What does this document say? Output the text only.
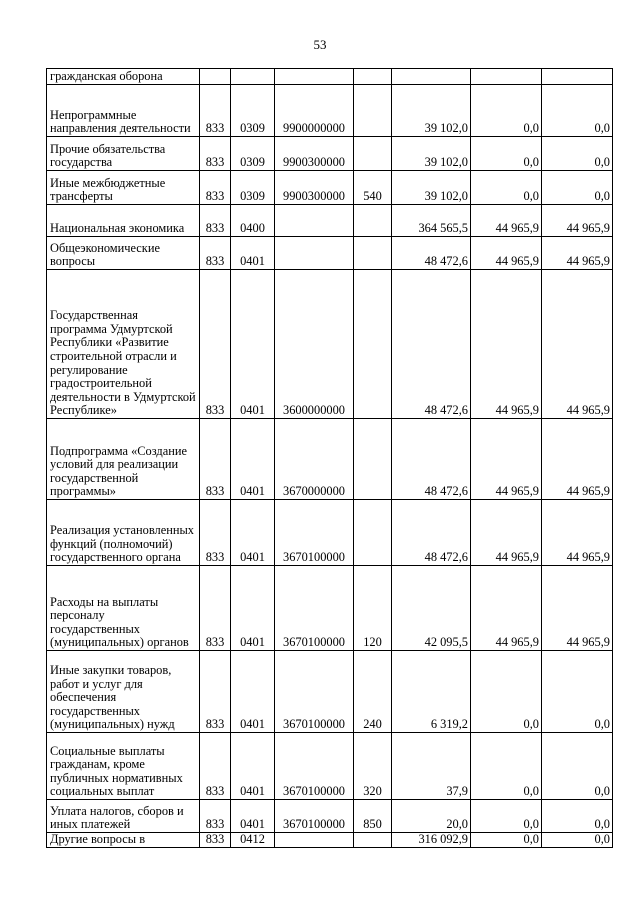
53
гражданская оборона							
Непрограммные направления деятельности	833	0309	9900000000		39 102,0	0,0	0,0
Прочие обязательства государства	833	0309	9900300000		39 102,0	0,0	0,0
Иные межбюджетные трансферты	833	0309	9900300000	540	39 102,0	0,0	0,0
Национальная экономика	833	0400			364 565,5	44 965,9	44 965,9
Общеэкономические вопросы	833	0401			48 472,6	44 965,9	44 965,9
Государственная программа Удмуртской Республики «Развитие строительной отрасли и регулирование градостроительной деятельности в Удмуртской Республике»	833	0401	3600000000		48 472,6	44 965,9	44 965,9
Подпрограмма «Создание условий для реализации государственной программы»	833	0401	3670000000		48 472,6	44 965,9	44 965,9
Реализация установленных функций (полномочий) государственного органа	833	0401	3670100000		48 472,6	44 965,9	44 965,9
Расходы на выплаты персоналу государственных (муниципальных) органов	833	0401	3670100000	120	42 095,5	44 965,9	44 965,9
Иные закупки товаров, работ и услуг для обеспечения государственных (муниципальных) нужд	833	0401	3670100000	240	6 319,2	0,0	0,0
Социальные выплаты гражданам, кроме публичных нормативных социальных выплат	833	0401	3670100000	320	37,9	0,0	0,0
Уплата налогов, сборов и иных платежей	833	0401	3670100000	850	20,0	0,0	0,0
Другие вопросы в	833	0412			316 092,9	0,0	0,0
